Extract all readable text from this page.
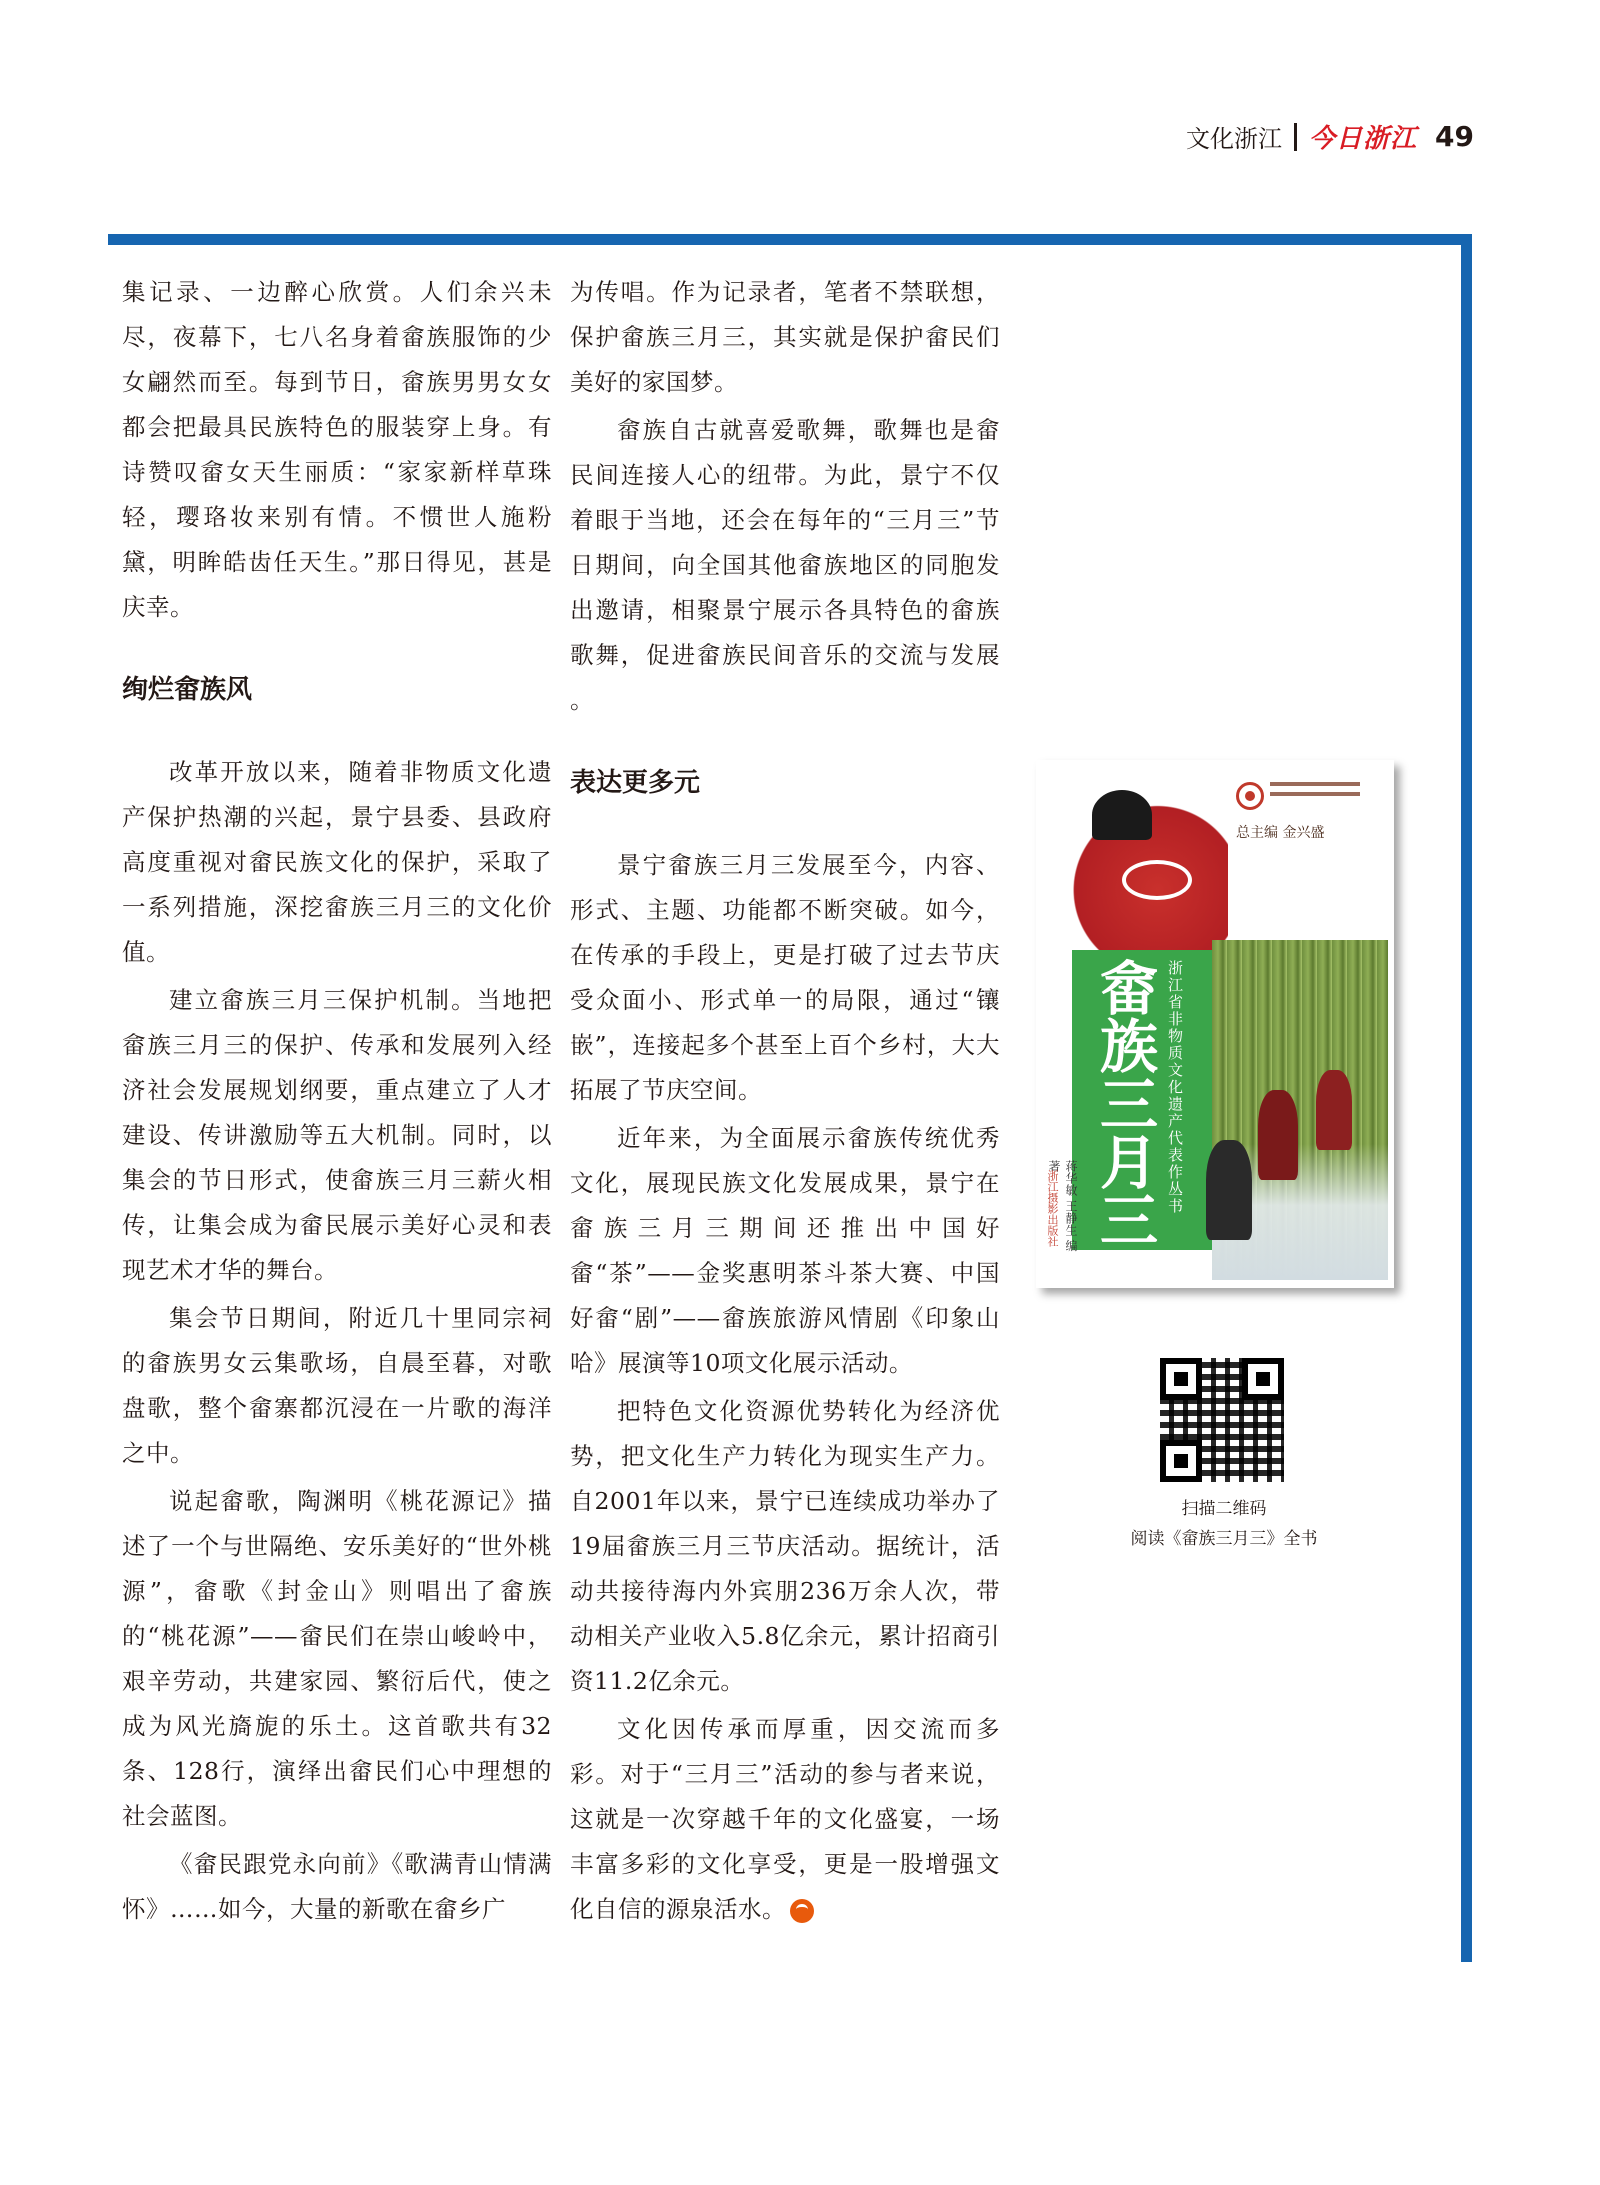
文化浙江 今日浙江 49

集记录、一边醉心欣赏。人们余兴未尽，夜幕下，七八名身着畲族服饰的少女翩然而至。每到节日，畲族男男女女都会把最具民族特色的服装穿上身。有诗赞叹畲女天生丽质：“家家新样草珠轻，璎珞妆来别有情。不惯世人施粉黛，明眸皓齿任天生。”那日得见，甚是庆幸。

绚烂畲族风

改革开放以来，随着非物质文化遗产保护热潮的兴起，景宁县委、县政府高度重视对畲民族文化的保护，采取了一系列措施，深挖畲族三月三的文化价值。

建立畲族三月三保护机制。当地把畲族三月三的保护、传承和发展列入经济社会发展规划纲要，重点建立了人才建设、传讲激励等五大机制。同时，以集会的节日形式，使畲族三月三薪火相传，让集会成为畲民展示美好心灵和表现艺术才华的舞台。

集会节日期间，附近几十里同宗祠的畲族男女云集歌场，自晨至暮，对歌盘歌，整个畲寨都沉浸在一片歌的海洋之中。

说起畲歌，陶渊明《桃花源记》描述了一个与世隔绝、安乐美好的“世外桃源”，畲歌《封金山》则唱出了畲族的“桃花源”——畲民们在崇山峻岭中，艰辛劳动，共建家园、繁衍后代，使之成为风光旖旎的乐土。这首歌共有32条、128行，演绎出畲民们心中理想的社会蓝图。

《畲民跟党永向前》《歌满青山情满怀》……如今，大量的新歌在畲乡广

为传唱。作为记录者，笔者不禁联想，保护畲族三月三，其实就是保护畲民们美好的家国梦。

畲族自古就喜爱歌舞，歌舞也是畲民间连接人心的纽带。为此，景宁不仅着眼于当地，还会在每年的“三月三”节日期间，向全国其他畲族地区的同胞发出邀请，相聚景宁展示各具特色的畲族歌舞，促进畲族民间音乐的交流与发展 。

表达更多元

景宁畲族三月三发展至今，内容、形式、主题、功能都不断突破。如今，在传承的手段上，更是打破了过去节庆受众面小、形式单一的局限，通过“镶嵌”，连接起多个甚至上百个乡村，大大拓展了节庆空间。

近年来，为全面展示畲族传统优秀文化，展现民族文化发展成果，景宁在畲族三月三期间还推出中国好畲“茶”——金奖惠明茶斗茶大赛、中国好畲“剧”——畲族旅游风情剧《印象山哈》展演等10项文化展示活动。

把特色文化资源优势转化为经济优势，把文化生产力转化为现实生产力。自2001年以来，景宁已连续成功举办了19届畲族三月三节庆活动。据统计，活动共接待海内外宾朋236万余人次，带动相关产业收入5.8亿余元，累计招商引资11.2亿余元。

文化因传承而厚重，因交流而多彩。对于“三月三”活动的参与者来说，这就是一次穿越千年的文化盛宴，一场丰富多彩的文化享受，更是一股增强文化自信的源泉活水。

总主编 金兴盛
畲族三月三 浙江省非物质文化遗产代表作丛书
蒋华敏 王静生 编著
浙江摄影出版社
扫描二维码
阅读《畲族三月三》全书
